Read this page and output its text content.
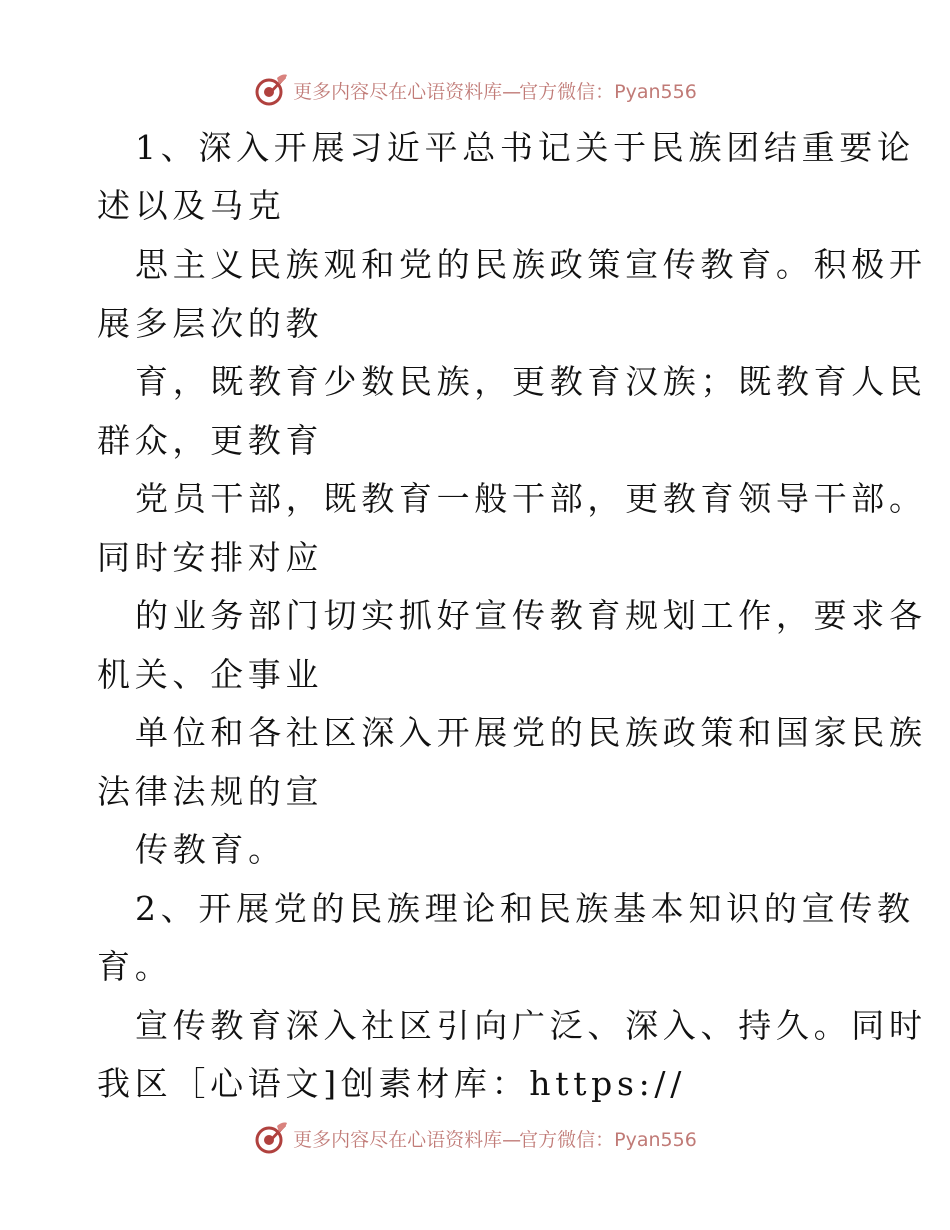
更多内容尽在心语资料库—官方微信：Pyan556
1、深入开展习近平总书记关于民族团结重要论
述以及马克
思主义民族观和党的民族政策宣传教育。积极开
展多层次的教
育，既教育少数民族，更教育汉族；既教育人民
群众，更教育
党员干部，既教育一般干部，更教育领导干部。
同时安排对应
的业务部门切实抓好宣传教育规划工作，要求各
机关、企事业
单位和各社区深入开展党的民族政策和国家民族
法律法规的宣
传教育。
2、开展党的民族理论和民族基本知识的宣传教
育。
宣传教育深入社区引向广泛、深入、持久。同时
我区［心语文]创素材库：https://
更多内容尽在心语资料库—官方微信：Pyan556
